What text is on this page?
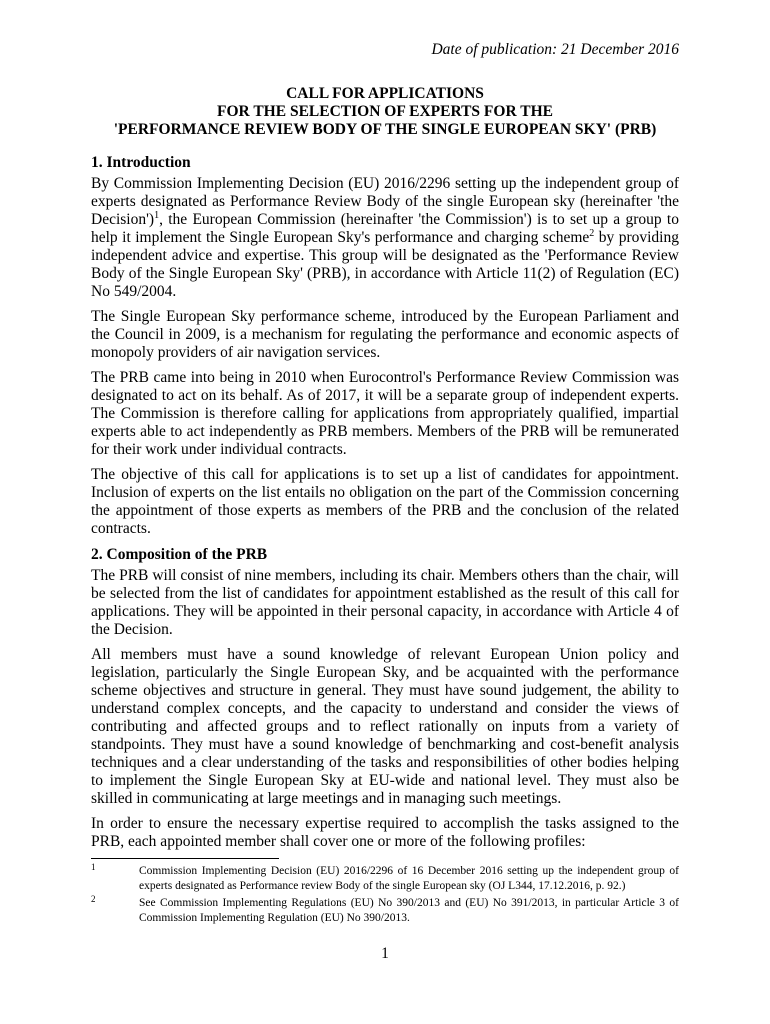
Date of publication: 21 December 2016
CALL FOR APPLICATIONS
FOR THE SELECTION OF EXPERTS FOR THE
'PERFORMANCE REVIEW BODY OF THE SINGLE EUROPEAN SKY' (PRB)
1. Introduction

By Commission Implementing Decision (EU) 2016/2296 setting up the independent group of experts designated as Performance Review Body of the single European sky (hereinafter 'the Decision')$^1$, the European Commission (hereinafter 'the Commission') is to set up a group to help it implement the Single European Sky's performance and charging scheme$^2$ by providing independent advice and expertise. This group will be designated as the 'Performance Review Body of the Single European Sky' (PRB), in accordance with Article 11(2) of Regulation (EC) No 549/2004.

The Single European Sky performance scheme, introduced by the European Parliament and the Council in 2009, is a mechanism for regulating the performance and economic aspects of monopoly providers of air navigation services.

The PRB came into being in 2010 when Eurocontrol's Performance Review Commission was designated to act on its behalf. As of 2017, it will be a separate group of independent experts. The Commission is therefore calling for applications from appropriately qualified, impartial experts able to act independently as PRB members. Members of the PRB will be remunerated for their work under individual contracts.

The objective of this call for applications is to set up a list of candidates for appointment. Inclusion of experts on the list entails no obligation on the part of the Commission concerning the appointment of those experts as members of the PRB and the conclusion of the related contracts.

2. Composition of the PRB

The PRB will consist of nine members, including its chair. Members others than the chair, will be selected from the list of candidates for appointment established as the result of this call for applications. They will be appointed in their personal capacity, in accordance with Article 4 of the Decision.

All members must have a sound knowledge of relevant European Union policy and legislation, particularly the Single European Sky, and be acquainted with the performance scheme objectives and structure in general. They must have sound judgement, the ability to understand complex concepts, and the capacity to understand and consider the views of contributing and affected groups and to reflect rationally on inputs from a variety of standpoints. They must have a sound knowledge of benchmarking and cost-benefit analysis techniques and a clear understanding of the tasks and responsibilities of other bodies helping to implement the Single European Sky at EU-wide and national level. They must also be skilled in communicating at large meetings and in managing such meetings.

In order to ensure the necessary expertise required to accomplish the tasks assigned to the PRB, each appointed member shall cover one or more of the following profiles:

1	Commission Implementing Decision (EU) 2016/2296 of 16 December 2016 setting up the independent group of experts designated as Performance review Body of the single European sky (OJ L344, 17.12.2016, p. 92.)
2	See Commission Implementing Regulations (EU) No 390/2013 and (EU) No 391/2013, in particular Article 3 of Commission Implementing Regulation (EU) No 390/2013.
1
